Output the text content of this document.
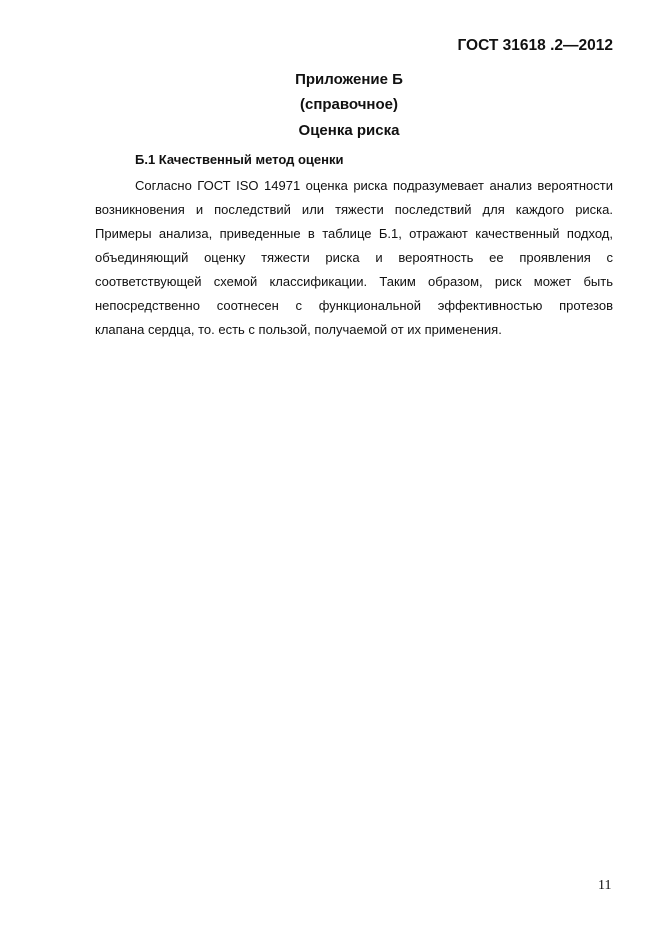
ГОСТ 31618 .2—2012
Приложение Б
(справочное)
Оценка риска
Б.1 Качественный метод оценки
Согласно ГОСТ ISO 14971 оценка риска подразумевает анализ вероятности
возникновения и последствий или тяжести последствий для каждого риска.
Примеры анализа, приведенные в таблице Б.1, отражают качественный подход,
объединяющий оценку тяжести риска и вероятность ее проявления с
соответствующей схемой классификации. Таким образом, риск может быть
непосредственно соотнесен с функциональной эффективностью протезов
клапана сердца, то. есть с пользой, получаемой от их применения.
11
